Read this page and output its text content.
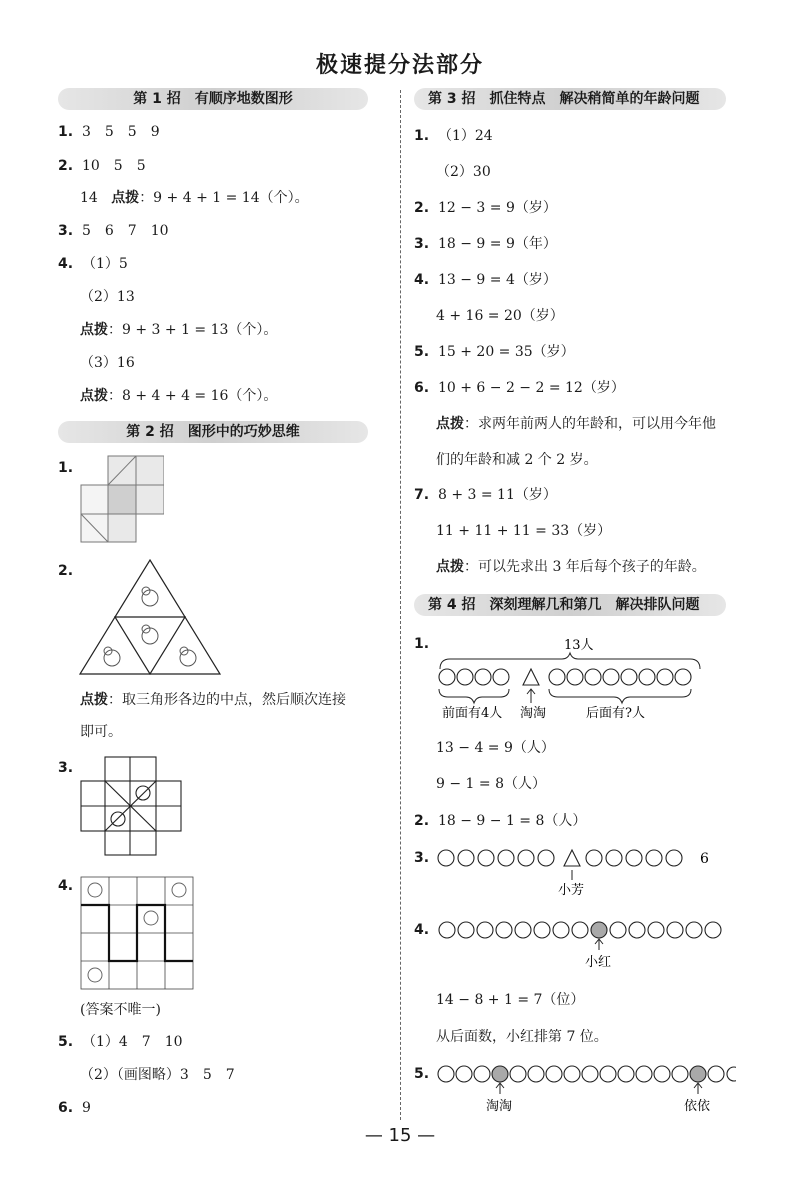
极速提分法部分
第 1 招　有顺序地数图形
1. 3　5　5　9
2. 10　5　5
14 点拨：9 + 4 + 1 = 14（个）。
3. 5　6　7　10
4. （1）5
（2）13
点拨：9 + 3 + 1 = 13（个）。
（3）16
点拨：8 + 4 + 4 = 16（个）。
第 2 招　图形中的巧妙思维
1.
2.
点拨：取三角形各边的中点，然后顺次连接
即可。
3.
4.
(答案不唯一)
5. （1）4　7　10
（2）（画图略）3　5　7
6. 9
第 3 招　抓住特点　解决稍简单的年龄问题
1. （1）24
（2）30
2. 12 − 3 = 9（岁）
3. 18 − 9 = 9（年）
4. 13 − 9 = 4（岁）
4 + 16 = 20（岁）
5. 15 + 20 = 35（岁）
6. 10 + 6 − 2 − 2 = 12（岁）
点拨：求两年前两人的年龄和，可以用今年他
们的年龄和减 2 个 2 岁。
7. 8 + 3 = 11（岁）
11 + 11 + 11 = 33（岁）
点拨：可以先求出 3 年后每个孩子的年龄。
第 4 招　深刻理解几和第几　解决排队问题
1.	13人
前面有4人 淘淘	后面有?人
13 − 4 = 9（人）
9 − 1 = 8（人）
2. 18 − 9 − 1 = 8（人）
3.	6
小芳
4.
小红
14 − 8 + 1 = 7（位）
从后面数，小红排第 7 位。
5.
淘淘	依依
— 15 —
